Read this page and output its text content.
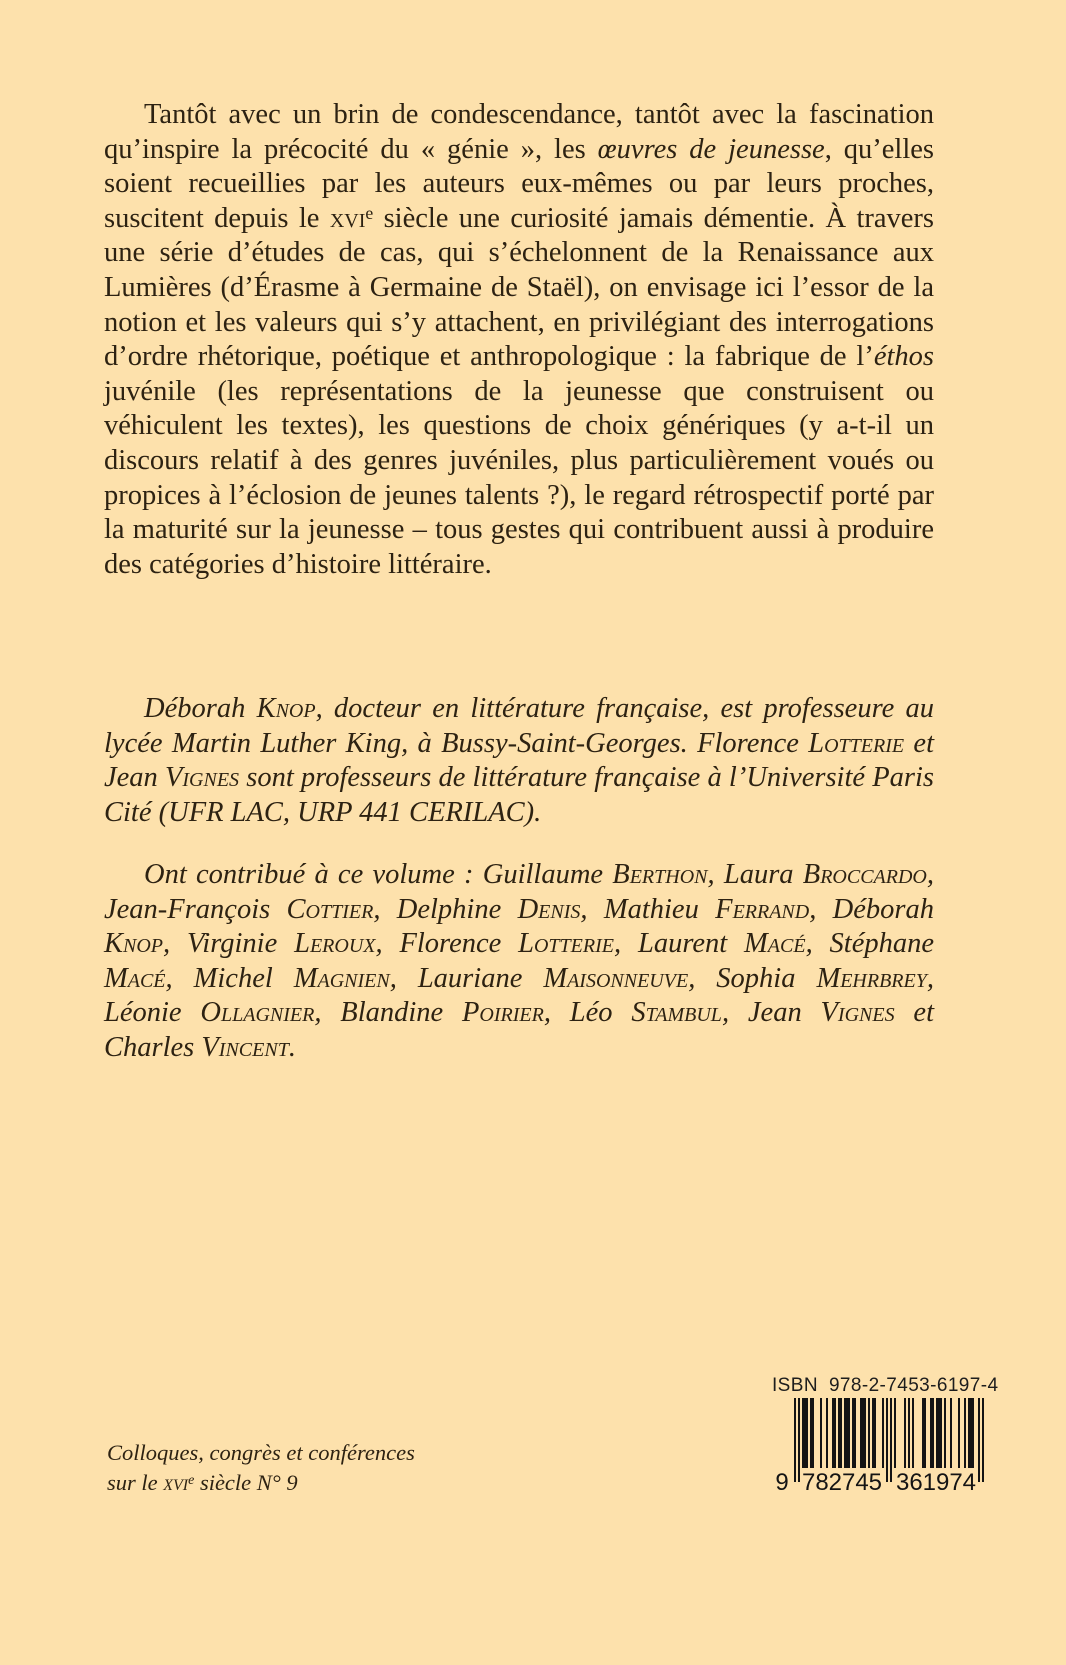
Tantôt avec un brin de condescendance, tantôt avec la fascination qu’inspire la précocité du « génie », les œuvres de jeunesse, qu’elles soient recueillies par les auteurs eux-mêmes ou par leurs proches, suscitent depuis le xvi$^e$ siècle une curiosité jamais démentie. À travers une série d’études de cas, qui s’échelonnent de la Renaissance aux Lumières (d’Érasme à Germaine de Staël), on envisage ici l’essor de la notion et les valeurs qui s’y attachent, en privilégiant des interrogations d’ordre rhétorique, poétique et anthropologique : la fabrique de l’éthos juvénile (les représentations de la jeunesse que construisent ou véhiculent les textes), les questions de choix génériques (y a-t-il un discours relatif à des genres juvéniles, plus particulièrement voués ou propices à l’éclosion de jeunes talents ?), le regard rétrospectif porté par la maturité sur la jeunesse – tous gestes qui contribuent aussi à produire des catégories d’histoire littéraire.

Déborah Knop, docteur en littérature française, est professeure au lycée Martin Luther King, à Bussy-Saint-Georges. Florence Lotterie et Jean Vignes sont professeurs de littérature française à l’Université Paris Cité (UFR LAC, URP 441 CERILAC).

Ont contribué à ce volume : Guillaume Berthon, Laura Broccardo, Jean-François Cottier, Delphine Denis, Mathieu Ferrand, Déborah Knop, Virginie Leroux, Florence Lotterie, Laurent Macé, Stéphane Macé, Michel Magnien, Lauriane Maisonneuve, Sophia Mehrbrey, Léonie Ollagnier, Blandine Poirier, Léo Stambul, Jean Vignes et Charles Vincent.

Colloques, congrès et conférences
sur le xvi$^e$ siècle N° 9

ISBN 978-2-7453-6197-4

9 782745 361974
